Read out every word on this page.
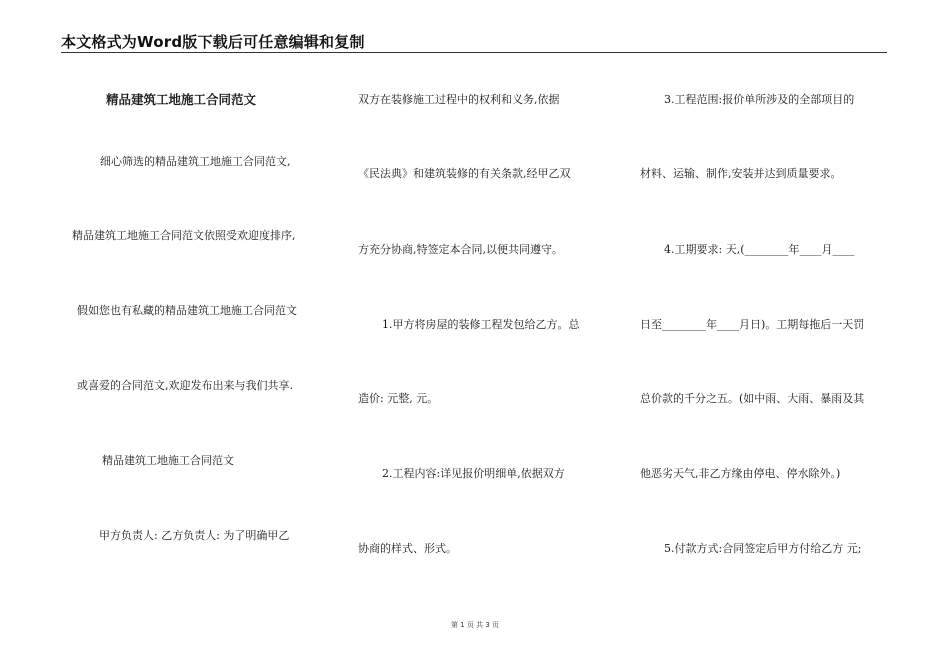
本文格式为Word版下载后可任意编辑和复制
精品建筑工地施工合同范文
细心筛选的精品建筑工地施工合同范文,
精品建筑工地施工合同范文依照受欢迎度排序,
假如您也有私藏的精品建筑工地施工合同范文
或喜爱的合同范文,欢迎发布出来与我们共享.
精品建筑工地施工合同范文
甲方负责人: 乙方负责人: 为了明确甲乙
双方在装修施工过程中的权利和义务,依据
《民法典》和建筑装修的有关条款,经甲乙双
方充分协商,特签定本合同,以便共同遵守。
1.甲方将房屋的装修工程发包给乙方。总
造价: 元整, 元。
2.工程内容:详见报价明细单,依据双方
协商的样式、形式。
3.工程范围:报价单所涉及的全部项目的
材料、运输、制作,安装并达到质量要求。
4.工期要求: 天,(________年____月____
日至________年____月日)。工期每拖后一天罚
总价款的千分之五。(如中雨、大雨、暴雨及其
他恶劣天气,非乙方缘由停电、停水除外。)
5.付款方式:合同签定后甲方付给乙方 元;
第 1 页 共 3 页
